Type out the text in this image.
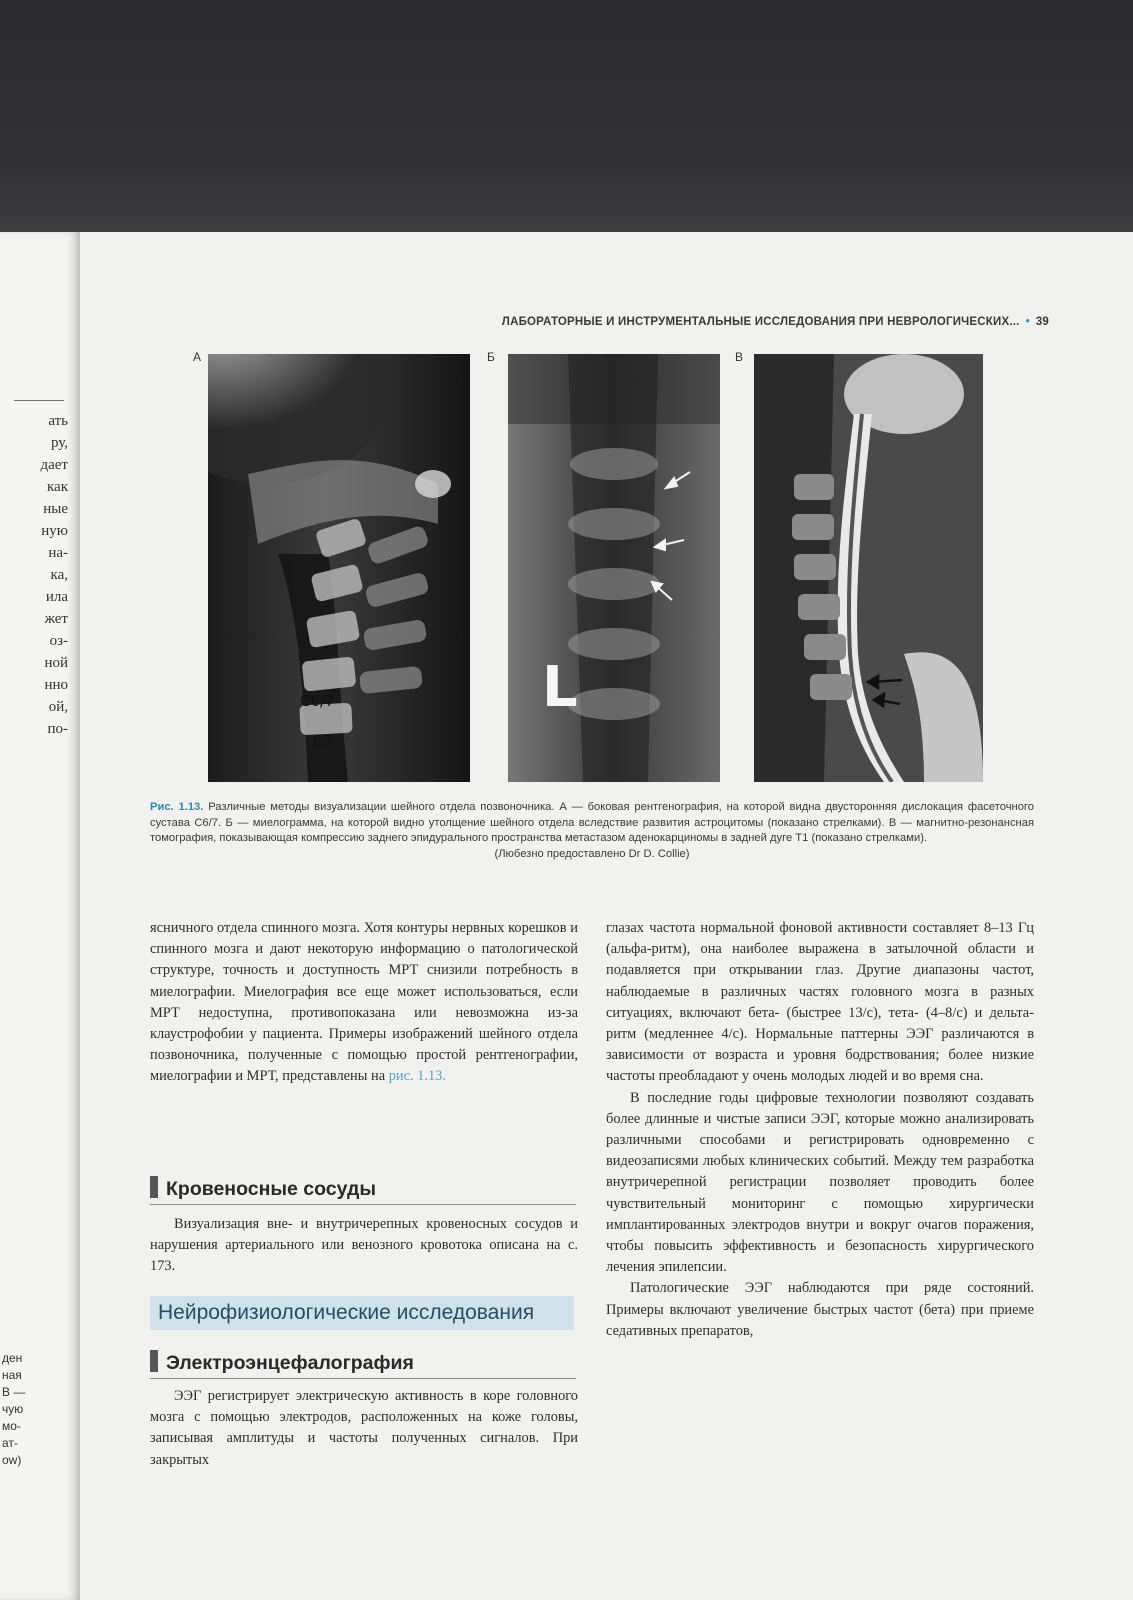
ать
ру,
дает
как
ные
ную
на-
ка,
ила
жет
оз-
ной
нно
ой,
по-
ден
ная
В —
чую
мо-
ат-
ow)
ЛАБОРАТОРНЫЕ И ИНСТРУМЕНТАЛЬНЫЕ ИССЛЕДОВАНИЯ ПРИ НЕВРОЛОГИЧЕСКИХ... • 39
А	Б	В
C6/7
C7
L
Рис. 1.13. Различные методы визуализации шейного отдела позвоночника. А — боковая рентгенография, на которой видна двусторонняя дислокация фасеточного сустава C6/7. Б — миелограмма, на которой видно утолщение шейного отдела вследствие развития астроцитомы (показано стрелками). В — магнитно-резонансная томография, показывающая компрессию заднего эпидурального пространства метастазом аденокарциномы в задней дуге T1 (показано стрелками).
(Любезно предоставлено Dr D. Collie)

ясничного отдела спинного мозга. Хотя контуры нервных корешков и спинного мозга и дают некоторую информацию о патологической структуре, точность и доступность МРТ снизили потребность в миелографии. Миелография все еще может использоваться, если МРТ недоступна, противопоказана или невозможна из-за клаустрофобии у пациента. Примеры изображений шейного отдела позвоночника, полученные с помощью простой рентгенографии, миелографии и МРТ, представлены на рис. 1.13.

Кровеносные сосуды

Визуализация вне- и внутричерепных кровеносных сосудов и нарушения артериального или венозного кровотока описана на с. 173.

Нейрофизиологические исследования
Электроэнцефалография

ЭЭГ регистрирует электрическую активность в коре головного мозга с помощью электродов, расположенных на коже головы, записывая амплитуды и частоты полученных сигналов. При закрытых

глазах частота нормальной фоновой активности составляет 8–13 Гц (альфа-ритм), она наиболее выражена в затылочной области и подавляется при открывании глаз. Другие диапазоны частот, наблюдаемые в различных частях головного мозга в разных ситуациях, включают бета- (быстрее 13/с), тета- (4–8/с) и дельта-ритм (медленнее 4/с). Нормальные паттерны ЭЭГ различаются в зависимости от возраста и уровня бодрствования; более низкие частоты преобладают у очень молодых людей и во время сна.

В последние годы цифровые технологии позволяют создавать более длинные и чистые записи ЭЭГ, которые можно анализировать различными способами и регистрировать одновременно с видеозаписями любых клинических событий. Между тем разработка внутричерепной регистрации позволяет проводить более чувствительный мониторинг с помощью хирургически имплантированных электродов внутри и вокруг очагов поражения, чтобы повысить эффективность и безопасность хирургического лечения эпилепсии.

Патологические ЭЭГ наблюдаются при ряде состояний. Примеры включают увеличение быстрых частот (бета) при приеме седативных препаратов,
